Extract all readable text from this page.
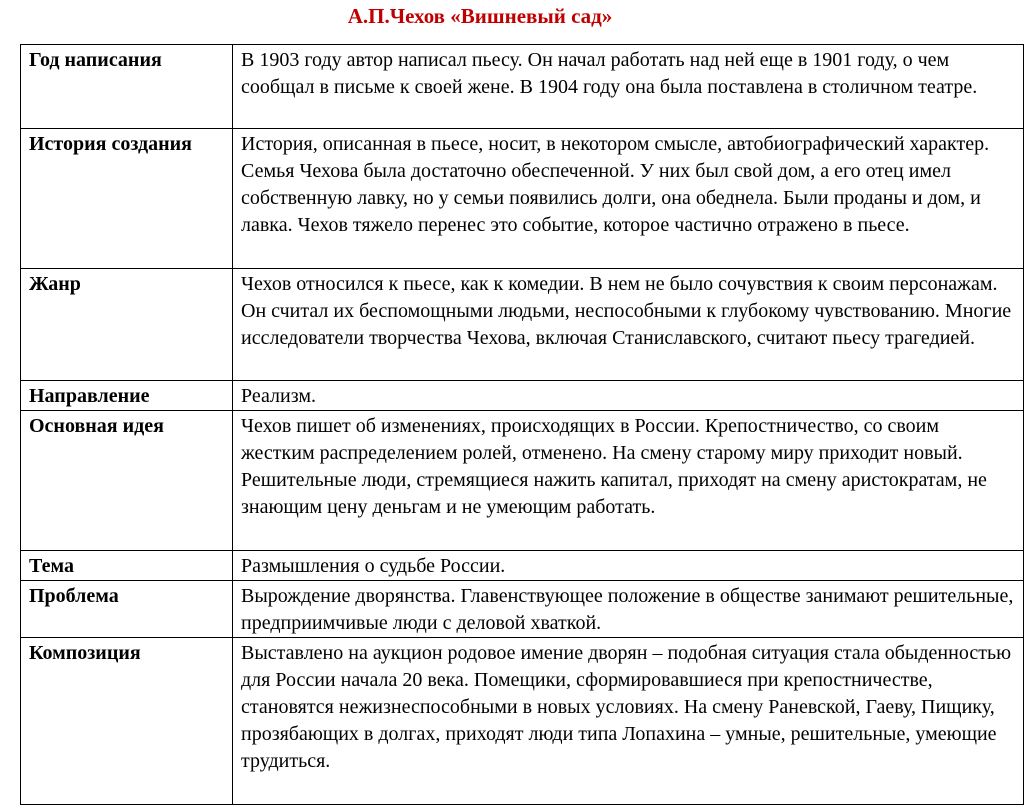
А.П.Чехов «Вишневый сад»
Год написания	В 1903 году автор написал пьесу. Он начал работать над ней еще в 1901 году, о чем сообщал в письме к своей жене. В 1904 году она была поставлена в столичном театре.
История создания	История, описанная в пьесе, носит, в некотором смысле, автобиографический характер. Семья Чехова была достаточно обеспеченной. У них был свой дом, а его отец имел собственную лавку, но у семьи появились долги, она обеднела. Были проданы и дом, и лавка. Чехов тяжело перенес это событие, которое частично отражено в пьесе.
Жанр	Чехов относился к пьесе, как к комедии. В нем не было сочувствия к своим персонажам. Он считал их беспомощными людьми, неспособными к глубокому чувствованию. Многие исследователи творчества Чехова, включая Станиславского, считают пьесу трагедией.
Направление	Реализм.
Основная идея	Чехов пишет об изменениях, происходящих в России. Крепостничество, со своим жестким распределением ролей, отменено. На смену старому миру приходит новый. Решительные люди, стремящиеся нажить капитал, приходят на смену аристократам, не знающим цену деньгам и не умеющим работать.
Тема	Размышления о судьбе России.
Проблема	Вырождение дворянства. Главенствующее положение в обществе занимают решительные, предприимчивые люди с деловой хваткой.
Композиция	Выставлено на аукцион родовое имение дворян – подобная ситуация стала обыденностью для России начала 20 века. Помещики, сформировавшиеся при крепостничестве, становятся нежизнеспособными в новых условиях. На смену Раневской, Гаеву, Пищику, прозябающих в долгах, приходят люди типа Лопахина – умные, решительные, умеющие трудиться.
